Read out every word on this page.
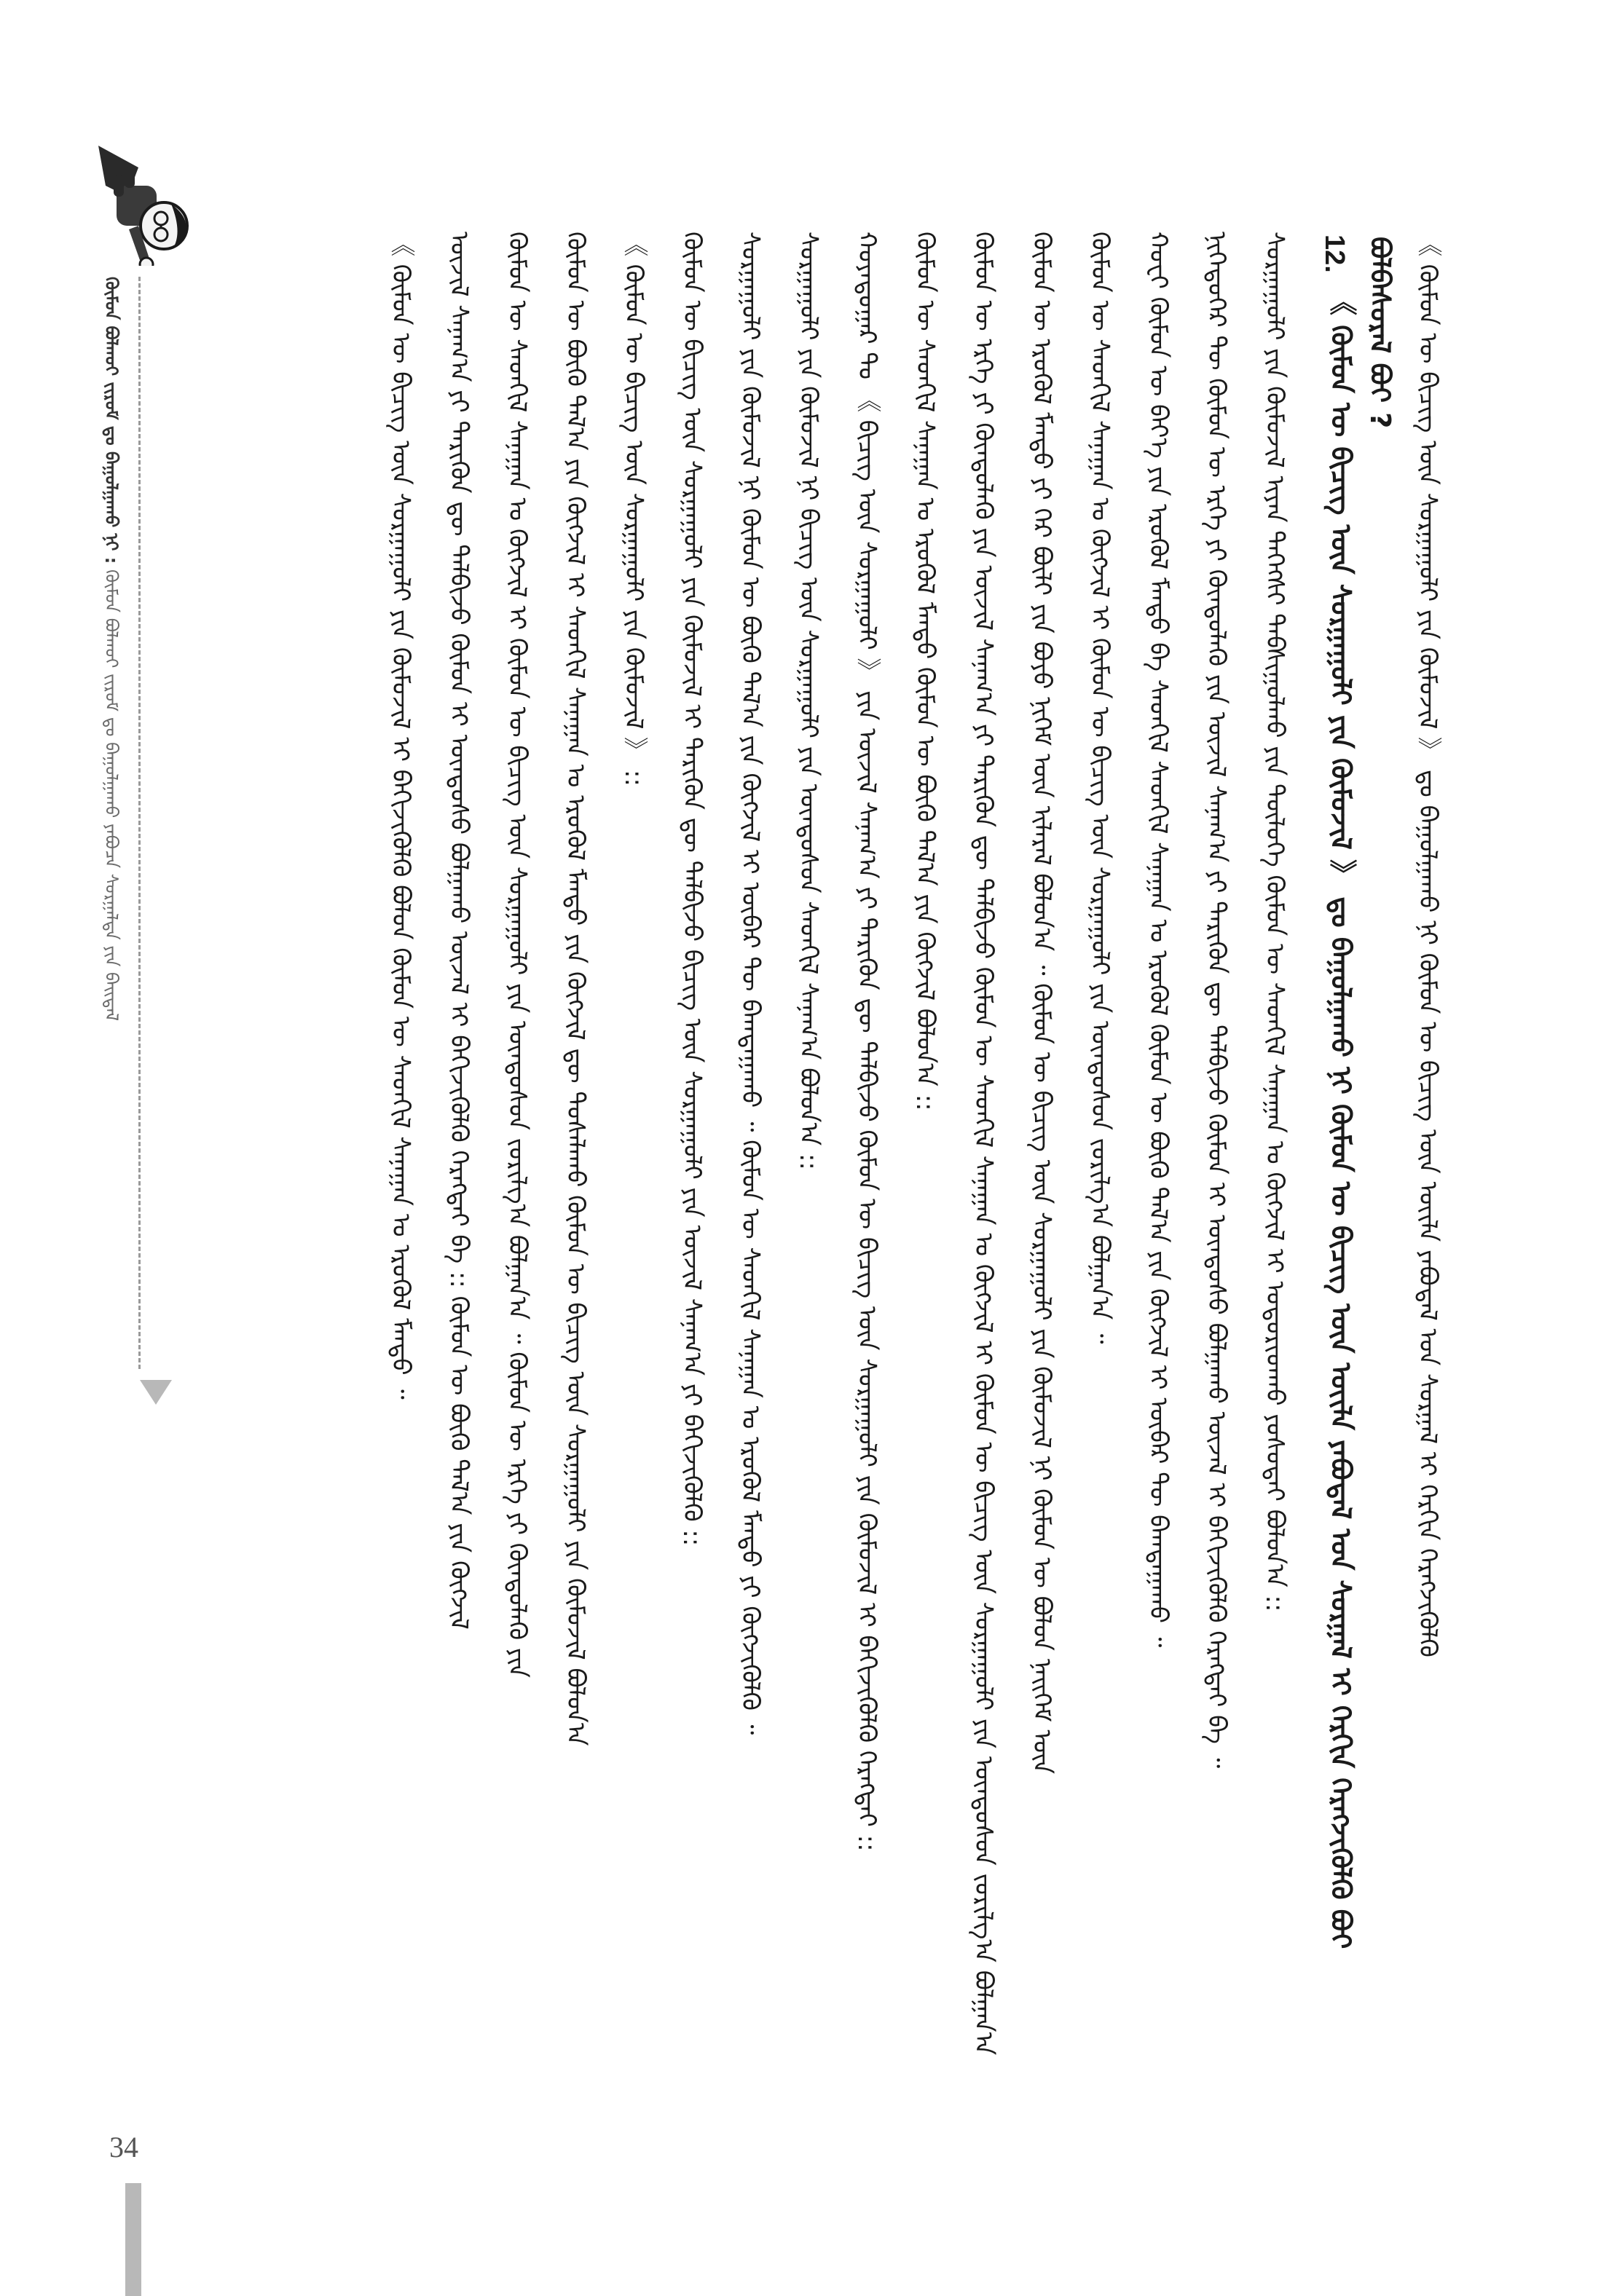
ᠬᠦᠮᠦᠨ ᠪᠤᠯᠬᠤᠢ ᠵᠢᠷᠤᠮ ᠳᠤ ᠪᠠᠭᠤᠯᠭᠠᠬᠤ ᠨᠢ : ᠬᠦᠮᠦᠨ ᠪᠤᠯᠬᠤᠢ ᠵᠢᠷᠤᠮ ᠳᠤ ᠪᠠᠭᠤᠯᠭᠠᠬᠤ ᠶᠠᠪᠤᠴᠠ ᠰᠤᠷᠭᠠᠯᠳᠠ ᠶᠢᠨ ᠪᠠᠢᠳᠠᠯ
12.
《 ᠬᠦᠮᠦᠨ ᠦ ᠪᠢᠴᠢᠭ ᠦᠨ ᠰᠤᠷᠭᠠᠭᠤᠯᠢ ᠶᠢᠨ ᠬᠦᠮᠦᠵᠢᠯ 》 ᠳᠤ ᠪᠠᠭᠤᠯᠭᠠᠬᠤ ᠨᠢ ᠬᠦᠮᠦᠨ ᠦ ᠪᠢᠴᠢᠭ ᠦᠨ ᠦᠢᠯᠡ ᠶᠠᠪᠤᠳᠠᠯ ᠤᠨ ᠰᠤᠷᠭᠠᠯ ᠢ ᠬᠡᠷᠬᠢᠨ ᠬᠡᠷᠡᠭᠵᠢᠭᠦᠯᠬᠦ ᠪᠤᠢ ᠪᠤᠯᠪᠠᠰᠤᠷᠠᠯ ᠪᠤᠢ ? 《 ᠬᠦᠮᠦᠨ ᠦ ᠪᠢᠴᠢᠭ ᠦᠨ ᠰᠤᠷᠭᠠᠭᠤᠯᠢ ᠶᠢᠨ ᠬᠦᠮᠦᠵᠢᠯ 》 ᠳᠤ ᠪᠠᠭᠤᠯᠭᠠᠬᠤ ᠨᠢ ᠬᠦᠮᠦᠨ ᠦ ᠪᠢᠴᠢᠭ ᠦᠨ ᠦᠢᠯᠡ ᠶᠠᠪᠤᠳᠠᠯ ᠤᠨ ᠰᠤᠷᠭᠠᠯ ᠢ ᠬᠡᠷᠬᠢᠨ ᠬᠡᠷᠡᠭᠵᠢᠭᠦᠯᠬᠦ
ᠰᠤᠷᠭᠠᠭᠤᠯᠢ ᠶᠢᠨ ᠬᠦᠮᠦᠵᠢᠯ ᠢᠶᠡᠨ ᠳᠡᠭᠡᠭᠰᠢ ᠳᠠᠪᠰᠢᠭᠤᠯᠬᠤ ᠶᠢᠨ ᠲᠥᠯᠥᠭᠡ ᠬᠦᠮᠦᠨ ᠦ ᠰᠡᠳᠬᠢᠯ ᠰᠠᠨᠠᠭᠠᠨ ᠤ ᠬᠥᠭᠵᠢᠯ ᠢ ᠤᠳᠤᠷᠢᠳᠬᠤ ᠶᠤᠰᠤᠲᠠᠢ ᠪᠤᠯᠤᠨ᠎ᠠ ::
ᠨᠢᠭᠡᠳᠦᠭᠡᠷ ᠲᠦ ᠬᠦᠮᠦᠨ ᠦ ᠡᠷᠬᠡ ᠶᠢ ᠬᠦᠨᠳᠦᠯᠡᠬᠦ ᠶᠢᠨ ᠦᠵᠢᠯ ᠰᠠᠨᠠᠭ᠎ᠠ ᠶᠢ ᠲᠡᠷᠢᠭᠦᠨ ᠳᠦ ᠲᠠᠯᠪᠢᠵᠤ ᠬᠦᠮᠦᠨ ᠢ ᠦᠨᠳᠦᠰᠦ ᠪᠤᠯᠭᠠᠬᠤ ᠦᠵᠡᠯ ᠢ ᠪᠡᠬᠢᠵᠢᠭᠦᠯᠬᠦ ᠬᠡᠷᠡᠭᠲᠡᠢ ᠪᠠ ᠃
ᠬᠤᠸᠢ ᠬᠦᠮᠦᠨ ᠦ ᠪᠡᠶ᠎ᠡ ᠶᠢᠨ ᠡᠷᠦᠭᠦᠯ ᠮᠡᠨᠳᠦ ᠪᠠ ᠰᠡᠳᠬᠢᠯ ᠰᠡᠳᠬᠢᠯ ᠰᠠᠨᠠᠭᠠᠨ ᠤ ᠡᠷᠦᠭᠦᠯ ᠬᠦᠮᠦᠨ ᠦ ᠪᠦᠬᠦ ᠲᠠᠯ᠎ᠠ ᠶᠢᠨ ᠬᠥᠭᠵᠢᠯ ᠢ ᠥᠪᠡᠷ ᠲᠦ ᠪᠠᠭᠲᠠᠭᠠᠬᠤ ᠃
ᠬᠦᠮᠦᠨ ᠦ ᠰᠡᠳᠬᠢᠯ ᠰᠠᠨᠠᠭᠠᠨ ᠤ ᠬᠥᠭᠵᠢᠯ ᠢ ᠬᠦᠮᠦᠨ ᠦ ᠪᠢᠴᠢᠭ ᠦᠨ ᠰᠤᠷᠭᠠᠭᠤᠯᠢ ᠶᠢᠨ ᠦᠨᠳᠦᠰᠦᠨ ᠵᠣᠷᠢᠯᠭ᠎ᠠ ᠪᠤᠯᠭᠠᠨ᠎ᠠ ᠃
ᠬᠦᠮᠦᠨ ᠦ ᠡᠷᠦᠭᠦᠯ ᠮᠡᠨᠳᠦ ᠶᠢ ᠭᠡᠷ ᠪᠦᠯᠢ ᠶᠢᠨ ᠪᠤᠶᠤ ᠨᠢᠭᠡᠮ ᠦᠨ ᠢᠯᠡᠷᠡᠯ ᠪᠤᠯᠤᠨ᠎ᠠ ᠃ ᠬᠦᠮᠦᠨ ᠦ ᠪᠢᠴᠢᠭ ᠦᠨ ᠰᠤᠷᠭᠠᠭᠤᠯᠢ ᠶᠢᠨ ᠬᠦᠮᠦᠵᠢᠯ ᠨᠢ ᠬᠦᠮᠦᠨ ᠦ ᠪᠤᠯᠤᠨ ᠨᠡᠢᠭᠡᠮ ᠦᠨ
ᠬᠦᠮᠦᠨ ᠦ ᠡᠷᠬᠡ ᠶᠢ ᠬᠦᠨᠳᠦᠯᠡᠬᠦ ᠶᠢᠨ ᠦᠵᠢᠯ ᠰᠠᠨᠠᠭ᠎ᠠ ᠶᠢ ᠲᠡᠷᠢᠭᠦᠨ ᠳᠦ ᠲᠠᠯᠪᠢᠵᠤ ᠬᠦᠮᠦᠨ ᠦ ᠰᠡᠳᠬᠢᠯ ᠰᠠᠨᠠᠭᠠᠨ ᠤ ᠬᠥᠭᠵᠢᠯ ᠢ ᠬᠦᠮᠦᠨ ᠦ ᠪᠢᠴᠢᠭ ᠦᠨ ᠰᠤᠷᠭᠠᠭᠤᠯᠢ ᠶᠢᠨ ᠦᠨᠳᠦᠰᠦᠨ ᠵᠣᠷᠢᠯᠭ᠎ᠠ ᠪᠤᠯᠭᠠᠨ᠎ᠠ
ᠬᠦᠮᠦᠨ ᠦ ᠰᠡᠳᠬᠢᠯ ᠰᠠᠨᠠᠭᠠᠨ ᠤ ᠡᠷᠦᠭᠦᠯ ᠮᠡᠨᠳᠦ ᠬᠦᠮᠦᠨ ᠦ ᠪᠦᠬᠦ ᠲᠠᠯ᠎ᠠ ᠶᠢᠨ ᠬᠥᠭᠵᠢᠯ ᠪᠤᠯᠤᠨ᠎ᠠ ::
ᠬᠤᠶᠠᠳᠤᠭᠠᠷ ᠲᠤ 《 ᠪᠢᠴᠢᠭ ᠦᠨ ᠰᠤᠷᠭᠠᠭᠤᠯᠢ 》 ᠶᠢᠨ ᠦᠵᠢᠯ ᠰᠠᠨᠠᠭ᠎ᠠ ᠶᠢ ᠲᠡᠷᠢᠭᠦᠨ ᠳᠦ ᠲᠠᠯᠪᠢᠵᠤ ᠬᠦᠮᠦᠨ ᠦ ᠪᠢᠴᠢᠭ ᠦᠨ ᠰᠤᠷᠭᠠᠭᠤᠯᠢ ᠶᠢᠨ ᠬᠦᠮᠦᠵᠢᠯ ᠢ ᠪᠡᠬᠢᠵᠢᠭᠦᠯᠬᠦ ᠬᠡᠷᠡᠭᠲᠡᠢ ::
ᠰᠤᠷᠭᠠᠭᠤᠯᠢ ᠶᠢᠨ ᠬᠦᠮᠦᠵᠢᠯ ᠨᠢ ᠪᠢᠴᠢᠭ ᠦᠨ ᠰᠤᠷᠭᠠᠭᠤᠯᠢ ᠶᠢᠨ ᠦᠨᠳᠦᠰᠦᠨ ᠰᠡᠳᠬᠢᠯ ᠰᠠᠨᠠᠭ᠎ᠠ ᠪᠤᠯᠤᠨ᠎ᠠ ::
ᠰᠤᠷᠭᠠᠭᠤᠯᠢ ᠶᠢᠨ ᠬᠦᠮᠦᠵᠢᠯ ᠨᠢ ᠬᠦᠮᠦᠨ ᠦ ᠪᠦᠬᠦ ᠲᠠᠯ᠎ᠠ ᠶᠢᠨ ᠬᠥᠭᠵᠢᠯ ᠢ ᠥᠪᠡᠷ ᠲᠦ ᠪᠠᠭᠲᠠᠭᠠᠬᠤ ᠃ ᠬᠦᠮᠦᠨ ᠦ ᠰᠡᠳᠬᠢᠯ ᠰᠠᠨᠠᠭᠠᠨ ᠤ ᠡᠷᠦᠭᠦᠯ ᠮᠡᠨᠳᠦ ᠶᠢ ᠬᠥᠭᠵᠢᠭᠦᠯᠬᠦ ᠃
ᠬᠦᠮᠦᠨ ᠦ ᠪᠢᠴᠢᠭ ᠦᠨ ᠰᠤᠷᠭᠠᠭᠤᠯᠢ ᠶᠢᠨ ᠬᠦᠮᠦᠵᠢᠯ ᠢ ᠲᠡᠷᠢᠭᠦᠨ ᠳᠦ ᠲᠠᠯᠪᠢᠵᠤ ᠪᠢᠴᠢᠭ ᠦᠨ ᠰᠤᠷᠭᠠᠭᠤᠯᠢ ᠶᠢᠨ ᠦᠵᠢᠯ ᠰᠠᠨᠠᠭ᠎ᠠ ᠶᠢ ᠪᠡᠬᠢᠵᠢᠭᠦᠯᠬᠦ ::
《 ᠬᠦᠮᠦᠨ ᠦ ᠪᠢᠴᠢᠭ ᠦᠨ ᠰᠤᠷᠭᠠᠭᠤᠯᠢ ᠶᠢᠨ ᠬᠦᠮᠦᠵᠢᠯ 》 ::
ᠬᠦᠮᠦᠨ ᠦ ᠪᠦᠬᠦ ᠲᠠᠯ᠎ᠠ ᠶᠢᠨ ᠬᠥᠭᠵᠢᠯ ᠢ ᠰᠡᠳᠬᠢᠯ ᠰᠠᠨᠠᠭᠠᠨ ᠤ ᠡᠷᠦᠭᠦᠯ ᠮᠡᠨᠳᠦ ᠶᠢᠨ ᠬᠥᠭᠵᠢᠯ ᠳᠦ ᠲᠤᠰᠠᠯᠠᠬᠤ ᠬᠦᠮᠦᠨ ᠦ ᠪᠢᠴᠢᠭ ᠦᠨ ᠰᠤᠷᠭᠠᠭᠤᠯᠢ ᠶᠢᠨ ᠬᠦᠮᠦᠵᠢᠯ ᠪᠤᠯᠤᠨ᠎ᠠ
ᠬᠦᠮᠦᠨ ᠦ ᠰᠡᠳᠬᠢᠯ ᠰᠠᠨᠠᠭᠠᠨ ᠤ ᠬᠥᠭᠵᠢᠯ ᠢ ᠬᠦᠮᠦᠨ ᠦ ᠪᠢᠴᠢᠭ ᠦᠨ ᠰᠤᠷᠭᠠᠭᠤᠯᠢ ᠶᠢᠨ ᠦᠨᠳᠦᠰᠦᠨ ᠵᠣᠷᠢᠯᠭ᠎ᠠ ᠪᠤᠯᠭᠠᠨ᠎ᠠ ᠃ ᠬᠦᠮᠦᠨ ᠦ ᠡᠷᠬᠡ ᠶᠢ ᠬᠦᠨᠳᠦᠯᠡᠬᠦ ᠶᠢᠨ
ᠦᠵᠢᠯ ᠰᠠᠨᠠᠭ᠎ᠠ ᠶᠢ ᠲᠡᠷᠢᠭᠦᠨ ᠳᠦ ᠲᠠᠯᠪᠢᠵᠤ ᠬᠦᠮᠦᠨ ᠢ ᠦᠨᠳᠦᠰᠦ ᠪᠤᠯᠭᠠᠬᠤ ᠦᠵᠡᠯ ᠢ ᠪᠡᠬᠢᠵᠢᠭᠦᠯᠬᠦ ᠬᠡᠷᠡᠭᠲᠡᠢ ᠪᠠ :: ᠬᠦᠮᠦᠨ ᠦ ᠪᠦᠬᠦ ᠲᠠᠯ᠎ᠠ ᠶᠢᠨ ᠬᠥᠭᠵᠢᠯ
《 ᠬᠦᠮᠦᠨ ᠦ ᠪᠢᠴᠢᠭ ᠦᠨ ᠰᠤᠷᠭᠠᠭᠤᠯᠢ ᠶᠢᠨ ᠬᠦᠮᠦᠵᠢᠯ ᠢ ᠪᠡᠬᠢᠵᠢᠭᠦᠯᠬᠦ ᠪᠤᠯᠤᠨ ᠬᠦᠮᠦᠨ ᠦ ᠰᠡᠳᠬᠢᠯ ᠰᠠᠨᠠᠭᠠᠨ ᠤ ᠡᠷᠦᠭᠦᠯ ᠮᠡᠨᠳᠦ ᠃
34
